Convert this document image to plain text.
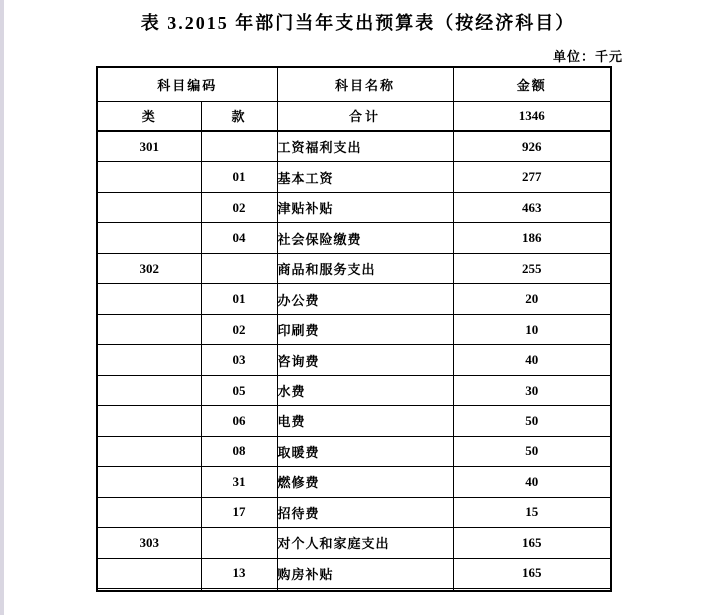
表 3.2015 年部门当年支出预算表（按经济科目）
单位：千元
科目编码		科目名称	金额
类	款	合计	1346

301		工资福利支出	926
	01	基本工资	277
	02	津贴补贴	463
	04	社会保险缴费	186
302		商品和服务支出	255
	01	办公费	20
	02	印刷费	10
	03	咨询费	40
	05	水费	30
	06	电费	50
	08	取暖费	50
	31	燃修费	40
	17	招待费	15
303		对个人和家庭支出	165
	13	购房补贴	165
